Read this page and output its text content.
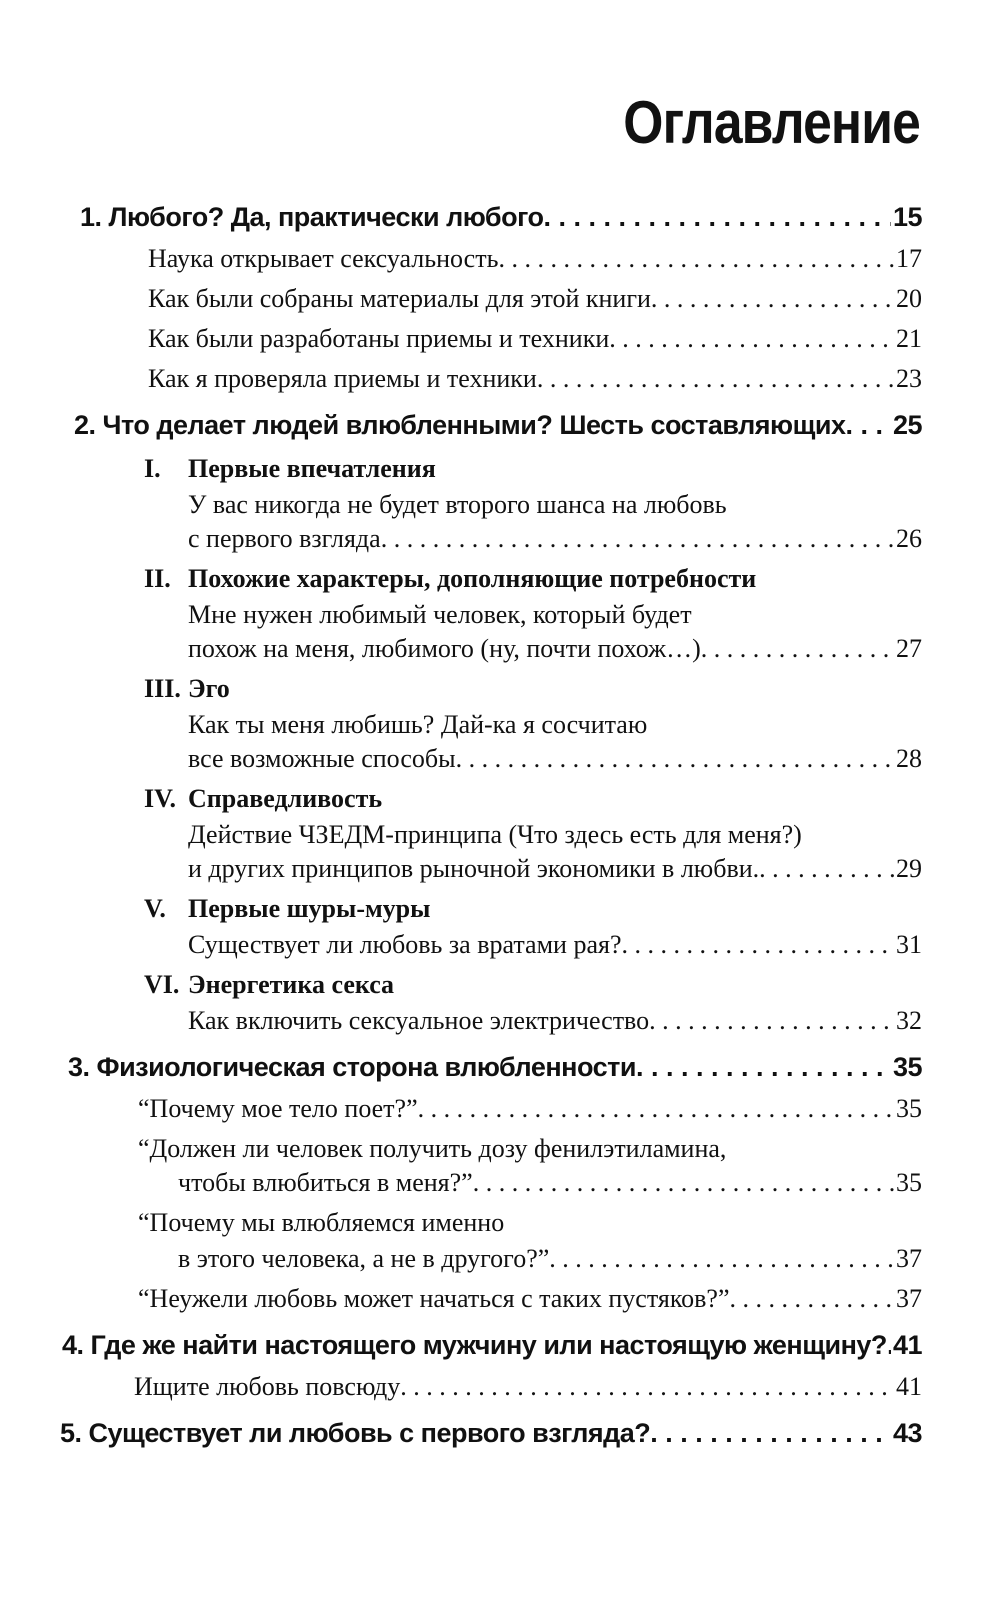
Оглавление
1. Любого? Да, практически любого . . .	15
Наука открывает сексуальность . . .	17
Как были собраны материалы для этой книги . . .	20
Как были разработаны приемы и техники . . .	21
Как я проверяла приемы и техники . . .	23
2. Что делает людей влюбленными? Шесть составляющих . . . 25
I. Первые впечатления
У вас никогда не будет второго шанса на любовь
с первого взгляда . . .	26
II. Похожие характеры, дополняющие потребности
Мне нужен любимый человек, который будет
похож на меня, любимого (ну, почти похож…) . . .	27
III. Эго
Как ты меня любишь? Дай-ка я сосчитаю
все возможные способы . . .	28
IV. Справедливость
Действие ЧЗЕДМ-принципа (Что здесь есть для меня?)
и других принципов рыночной экономики в любви. . . .	29
V. Первые шуры-муры
Существует ли любовь за вратами рая? . . .	31
VI. Энергетика секса
Как включить сексуальное электричество . . .	32
3. Физиологическая сторона влюбленности . . .	35
“Почему мое тело поет?” . . .	35
“Должен ли человек получить дозу фенилэтиламина,
чтобы влюбиться в меня?” . . .	35
“Почему мы влюбляемся именно
в этого человека, а не в другого?” . . .	37
“Неужели любовь может начаться с таких пустяков?” . . .	37
4. Где же найти настоящего мужчину или настоящую женщину? . . . 41
Ищите любовь повсюду . . .	41
5. Существует ли любовь с первого взгляда? . . .	43
